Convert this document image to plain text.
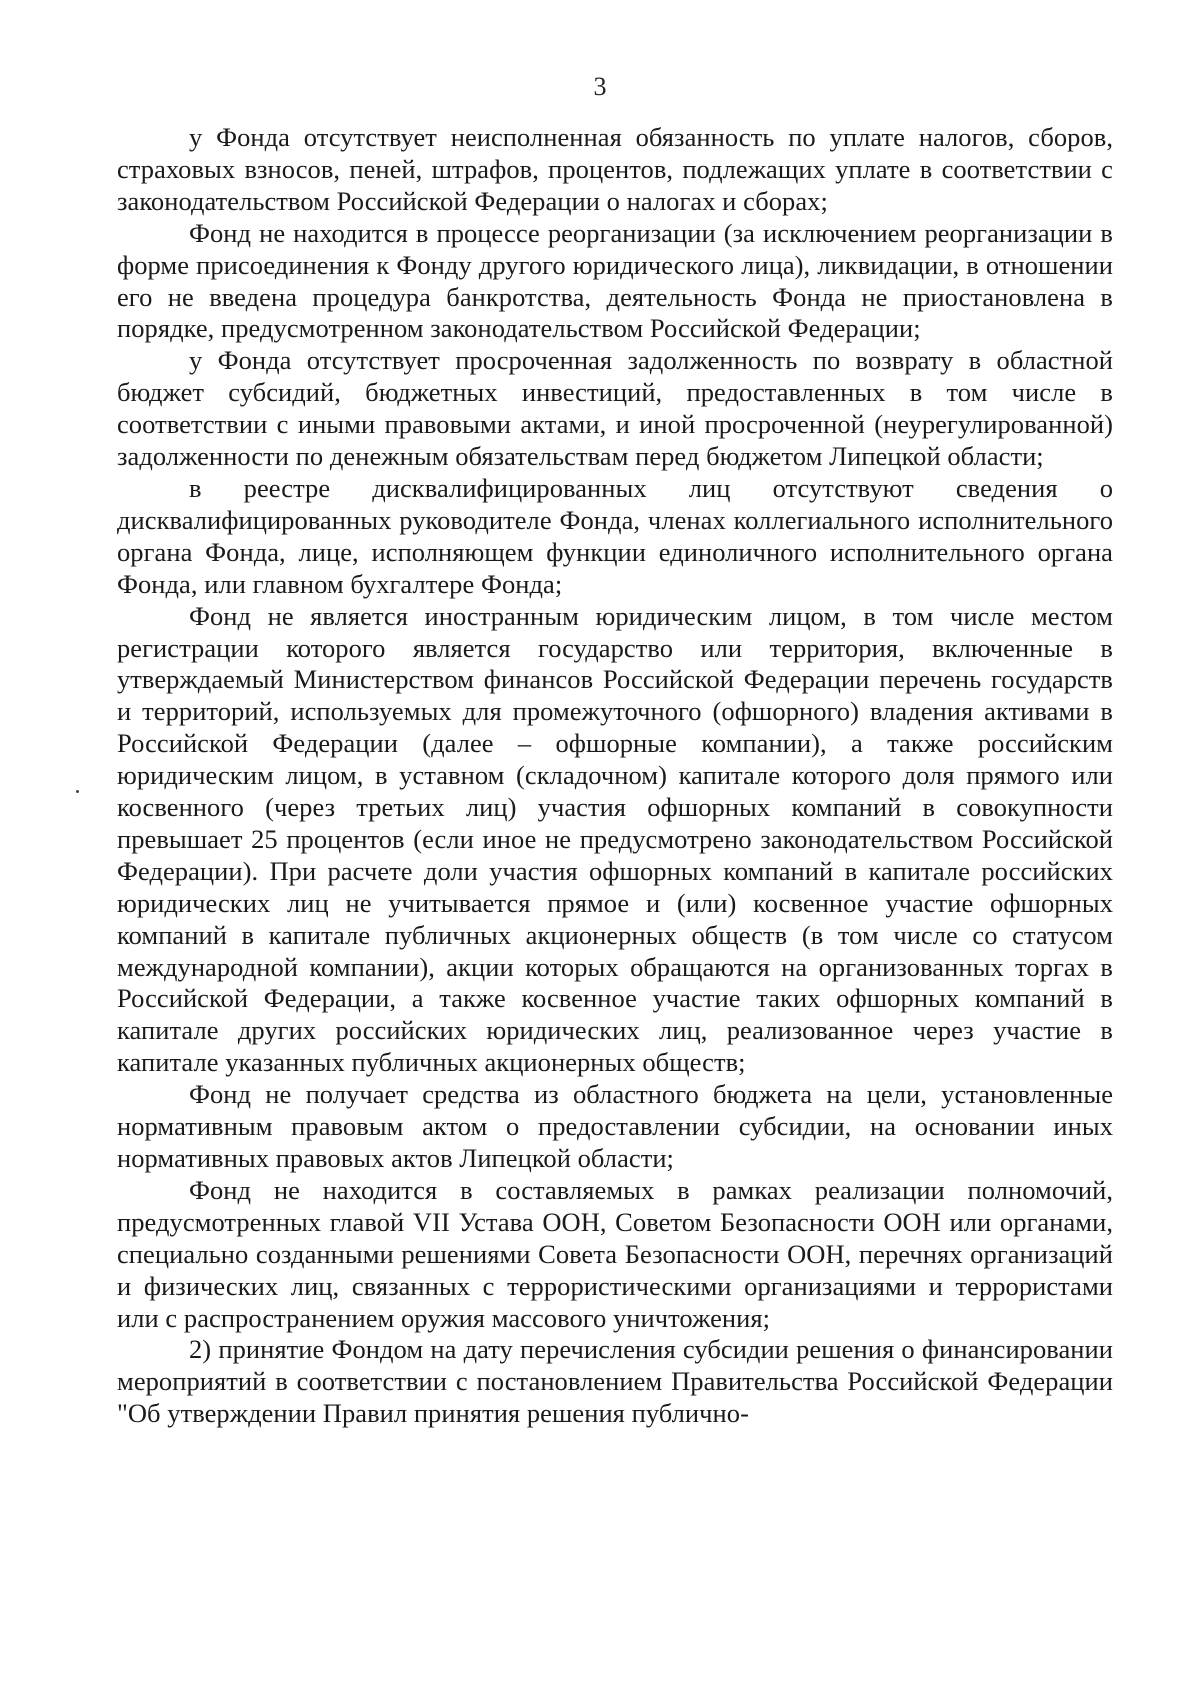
3

у Фонда отсутствует неисполненная обязанность по уплате налогов, сборов, страховых взносов, пеней, штрафов, процентов, подлежащих уплате в соответствии с законодательством Российской Федерации о налогах и сборах;

Фонд не находится в процессе реорганизации (за исключением реорганизации в форме присоединения к Фонду другого юридического лица), ликвидации, в отношении его не введена процедура банкротства, деятельность Фонда не приостановлена в порядке, предусмотренном законодательством Российской Федерации;

у Фонда отсутствует просроченная задолженность по возврату в областной бюджет субсидий, бюджетных инвестиций, предоставленных в том числе в соответствии с иными правовыми актами, и иной просроченной (неурегулированной) задолженности по денежным обязательствам перед бюджетом Липецкой области;

в реестре дисквалифицированных лиц отсутствуют сведения о дисквалифицированных руководителе Фонда, членах коллегиального исполнительного органа Фонда, лице, исполняющем функции единоличного исполнительного органа Фонда, или главном бухгалтере Фонда;

Фонд не является иностранным юридическим лицом, в том числе местом регистрации которого является государство или территория, включенные в утверждаемый Министерством финансов Российской Федерации перечень государств и территорий, используемых для промежуточного (офшорного) владения активами в Российской Федерации (далее – офшорные компании), а также российским юридическим лицом, в уставном (складочном) капитале которого доля прямого или косвенного (через третьих лиц) участия офшорных компаний в совокупности превышает 25 процентов (если иное не предусмотрено законодательством Российской Федерации). При расчете доли участия офшорных компаний в капитале российских юридических лиц не учитывается прямое и (или) косвенное участие офшорных компаний в капитале публичных акционерных обществ (в том числе со статусом международной компании), акции которых обращаются на организованных торгах в Российской Федерации, а также косвенное участие таких офшорных компаний в капитале других российских юридических лиц, реализованное через участие в капитале указанных публичных акционерных обществ;

Фонд не получает средства из областного бюджета на цели, установленные нормативным правовым актом о предоставлении субсидии, на основании иных нормативных правовых актов Липецкой области;

Фонд не находится в составляемых в рамках реализации полномочий, предусмотренных главой VII Устава ООН, Советом Безопасности ООН или органами, специально созданными решениями Совета Безопасности ООН, перечнях организаций и физических лиц, связанных с террористическими организациями и террористами или с распространением оружия массового уничтожения;

2) принятие Фондом на дату перечисления субсидии решения о финансировании мероприятий в соответствии с постановлением Правительства Российской Федерации "Об утверждении Правил принятия решения публично-
